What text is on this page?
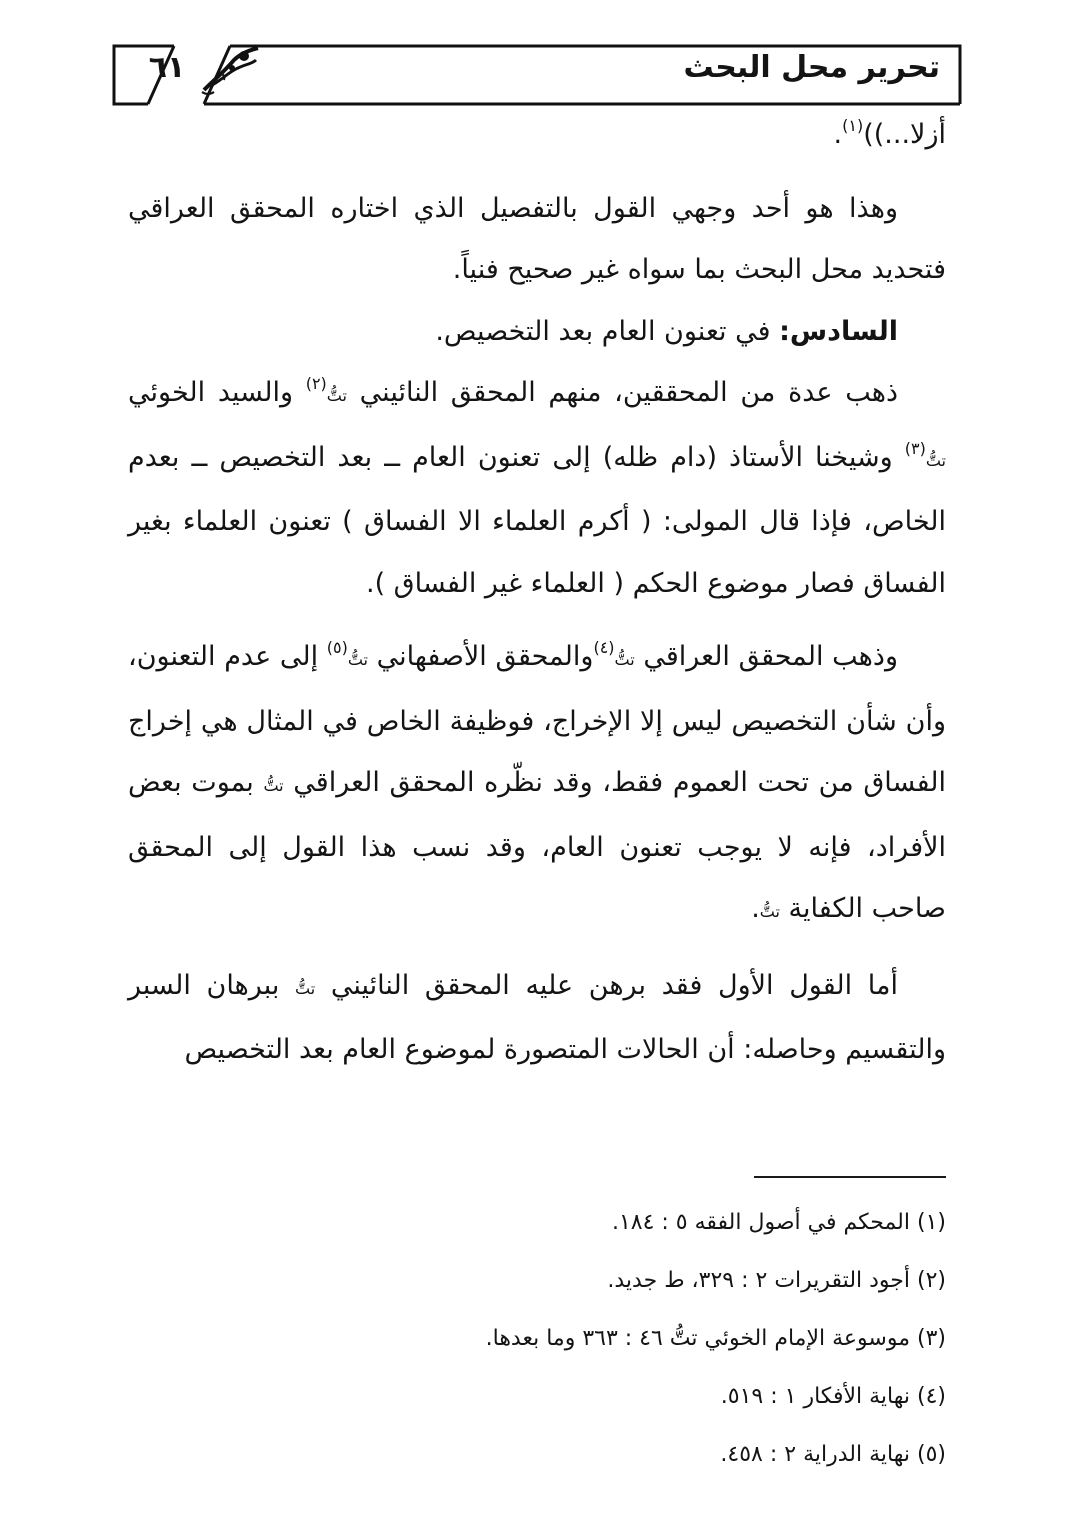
تحرير محل البحث
٦١

أزلا...))$^{(١)}$.

وهذا هو أحد وجهي القول بالتفصيل الذي اختاره المحقق العراقي فتحديد محل البحث بما سواه غير صحيح فنياً.

السادس: في تعنون العام بعد التخصيص.

ذهب عدة من المحققين، منهم المحقق النائيني تتُّ$^{(٢)}$ والسيد الخوئي تتُّ$^{(٣)}$ وشيخنا الأستاذ (دام ظله) إلى تعنون العام ــ بعد التخصيص ــ بعدم الخاص، فإذا قال المولى: ( أكرم العلماء الا الفساق ) تعنون العلماء بغير الفساق فصار موضوع الحكم ( العلماء غير الفساق ).

وذهب المحقق العراقي تتُّ$^{(٤)}$والمحقق الأصفهاني تتُّ$^{(٥)}$ إلى عدم التعنون، وأن شأن التخصيص ليس إلا الإخراج، فوظيفة الخاص في المثال هي إخراج الفساق من تحت العموم فقط، وقد نظّره المحقق العراقي تتُّ بموت بعض الأفراد، فإنه لا يوجب تعنون العام، وقد نسب هذا القول إلى المحقق صاحب الكفاية تتُّ.

أما القول الأول فقد برهن عليه المحقق النائيني تتُّ ببرهان السبر والتقسيم وحاصله: أن الحالات المتصورة لموضوع العام بعد التخصيص

(١) المحكم في أصول الفقه ٥ : ١٨٤.

(٢) أجود التقريرات ٢ : ٣٢٩، ط جديد.

(٣) موسوعة الإمام الخوئي تتُّ ٤٦ : ٣٦٣ وما بعدها.

(٤) نهاية الأفكار ١ : ٥١٩.

(٥) نهاية الدراية ٢ : ٤٥٨.
